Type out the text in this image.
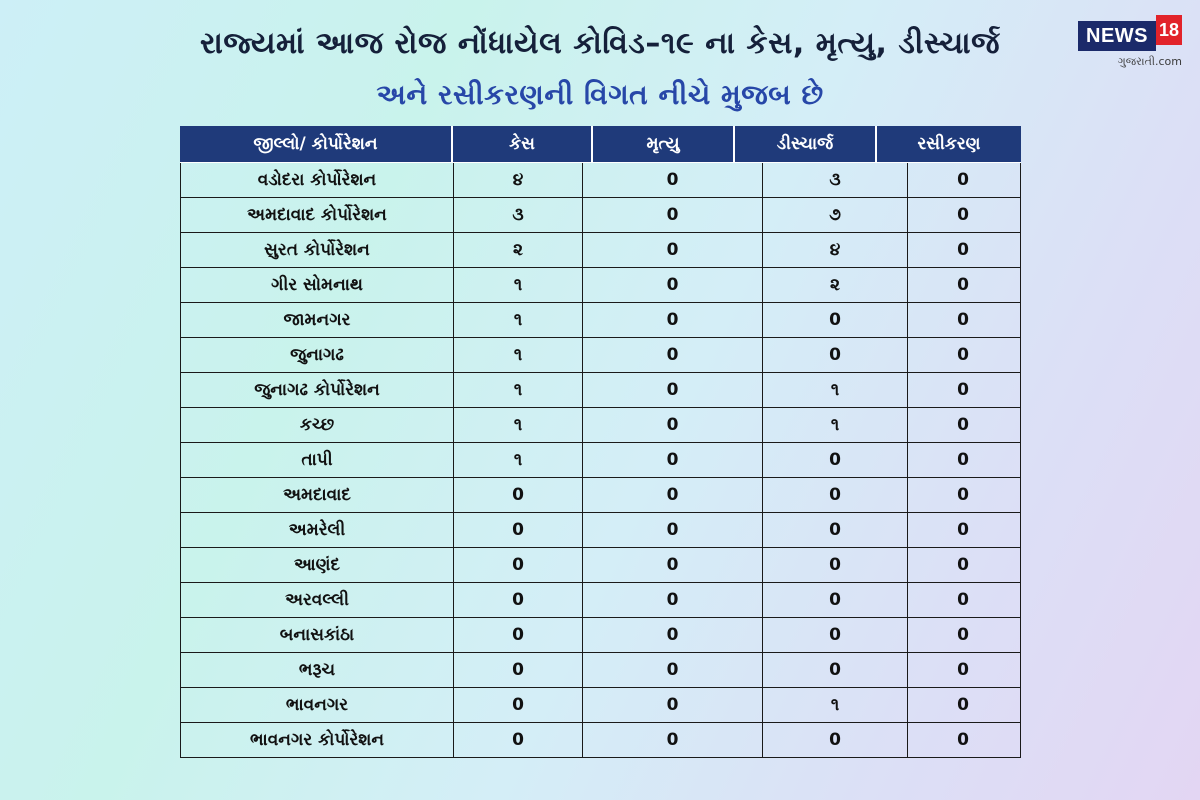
રાજ્યમાં આજ રોજ નોંધાયેલ કોવિડ–૧૯ ના કેસ, મૃત્યુ, ડીસ્ચાર્જ
અને રસીકરણની વિગત નીચે મુજબ છે
NEWS 18
ગુજરાતી.com
જીલ્લો/ કોર્પોરેશન	કેસ	મૃત્યુ	ડીસ્ચાર્જ	રસીકરણ
વડોદરા કોર્પોરેશન	૪	0	૩	0
અમદાવાદ કોર્પોરેશન	૩	0	૭	0
સુરત કોર્પોરેશન	૨	0	૪	0
ગીર સોમનાથ	૧	0	૨	0
જામનગર	૧	0	0	0
જુનાગઢ	૧	0	0	0
જુનાગઢ કોર્પોરેશન	૧	0	૧	0
કચ્છ	૧	0	૧	0
તાપી	૧	0	0	0
અમદાવાદ	0	0	0	0
અમરેલી	0	0	0	0
આણંદ	0	0	0	0
અરવલ્લી	0	0	0	0
બનાસકાંઠા	0	0	0	0
ભરૂચ	0	0	0	0
ભાવનગર	0	0	૧	0
ભાવનગર કોર્પોરેશન	0	0	0	0
